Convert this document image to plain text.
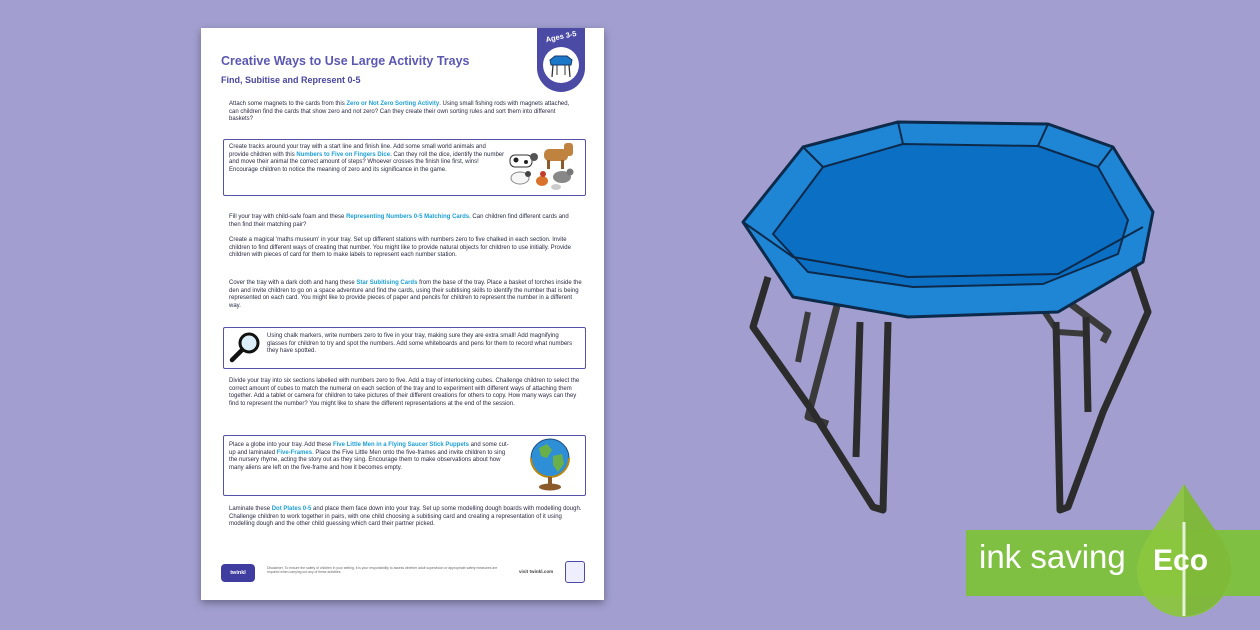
Creative Ways to Use Large Activity Trays
Find, Subitise and Represent 0-5
Ages 3-5

Attach some magnets to the cards from this Zero or Not Zero Sorting Activity. Using small fishing rods with magnets attached, can children find the cards that show zero and not zero? Can they create their own sorting rules and sort them into different baskets?

Create tracks around your tray with a start line and finish line. Add some small world animals and provide children with this Numbers to Five on Fingers Dice. Can they roll the dice, identify the number and move their animal the correct amount of steps? Whoever crosses the finish line first, wins! Encourage children to notice the meaning of zero and its significance in the game.

Fill your tray with child-safe foam and these Representing Numbers 0-5 Matching Cards. Can children find different cards and then find their matching pair?

Create a magical 'maths museum' in your tray. Set up different stations with numbers zero to five chalked in each section. Invite children to find different ways of creating that number. You might like to provide natural objects for children to use initially. Provide children with pieces of card for them to make labels to represent each number station.

Cover the tray with a dark cloth and hang these Star Subitising Cards from the base of the tray. Place a basket of torches inside the den and invite children to go on a space adventure and find the cards, using their subitising skills to identify the number that is being represented on each card. You might like to provide pieces of paper and pencils for children to represent the number in a different way.

Using chalk markers, write numbers zero to five in your tray, making sure they are extra small! Add magnifying glasses for children to try and spot the numbers. Add some whiteboards and pens for them to record what numbers they have spotted.

Divide your tray into six sections labelled with numbers zero to five. Add a tray of interlocking cubes. Challenge children to select the correct amount of cubes to match the numeral on each section of the tray and to experiment with different ways of attaching them together. Add a tablet or camera for children to take pictures of their different creations for others to copy. How many ways can they find to represent the number? You might like to share the different representations at the end of the session.

Place a globe into your tray. Add these Five Little Men in a Flying Saucer Stick Puppets and some cut-up and laminated Five-Frames. Place the Five Little Men onto the five-frames and invite children to sing the nursery rhyme, acting the story out as they sing. Encourage them to make observations about how many aliens are left on the five-frame and how it becomes empty.

Laminate these Dot Plates 0-5 and place them face down into your tray. Set up some modelling dough boards with modelling dough. Challenge children to work together in pairs, with one child choosing a subitising card and creating a representation of it using modelling dough and the other child guessing which card their partner picked.

twinkl

Disclaimer: To ensure the safety of children in your setting, it is your responsibility to assess whether adult supervision or appropriate safety measures are required when carrying out any of these activities.	visit twinkl.com	ink saving Eco
